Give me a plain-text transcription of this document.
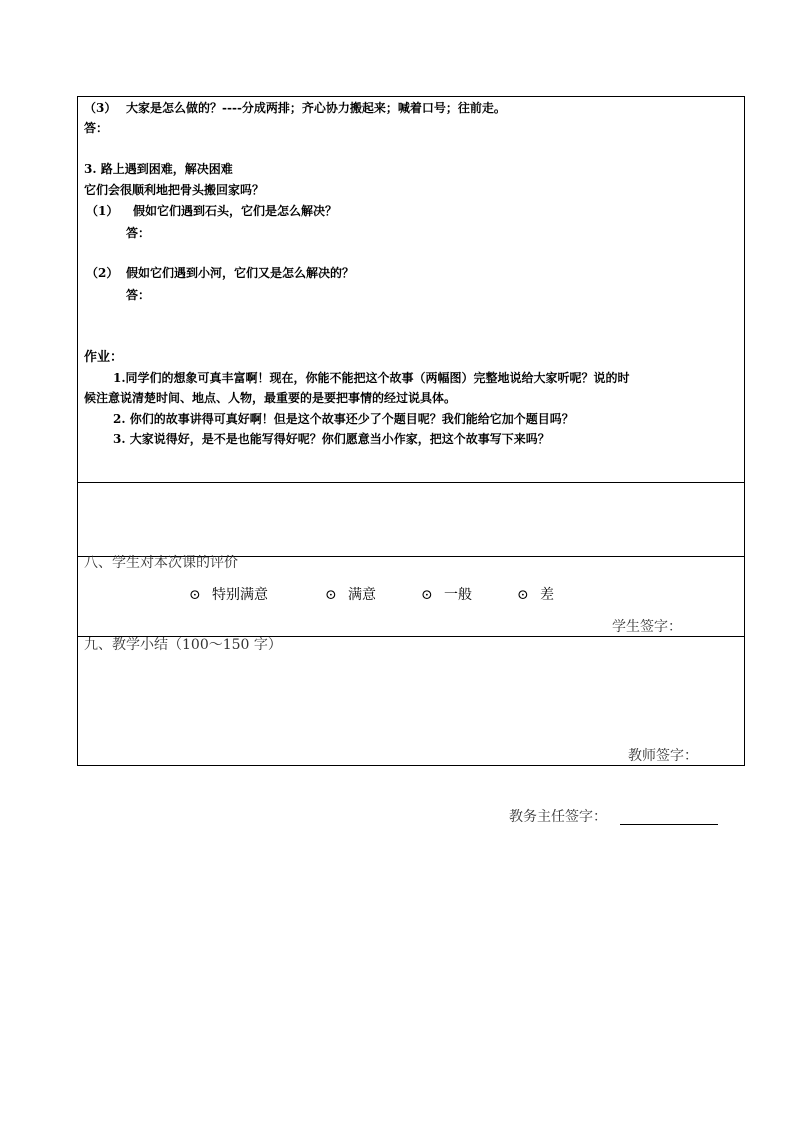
（3） 大家是怎么做的？----分成两排；齐心协力搬起来；喊着口号；往前走。
答：
3. 路上遇到困难，解决困难
它们会很顺利地把骨头搬回家吗？
（1） 假如它们遇到石头，它们是怎么解决？
答：
（2） 假如它们遇到小河，它们又是怎么解决的？
答：
作业：
1.同学们的想象可真丰富啊！现在，你能不能把这个故事（两幅图）完整地说给大家听呢？说的时
候注意说清楚时间、地点、人物，最重要的是要把事情的经过说具体。
2. 你们的故事讲得可真好啊！但是这个故事还少了个题目呢？我们能给它加个题目吗？
3. 大家说得好，是不是也能写得好呢？你们愿意当小作家，把这个故事写下来吗？
八、学生对本次课的评价
⊙ 特别满意	⊙ 满意	⊙ 一般	⊙ 差
学生签字：
九、教学小结（100～150 字）
教师签字：
教务主任签字：
